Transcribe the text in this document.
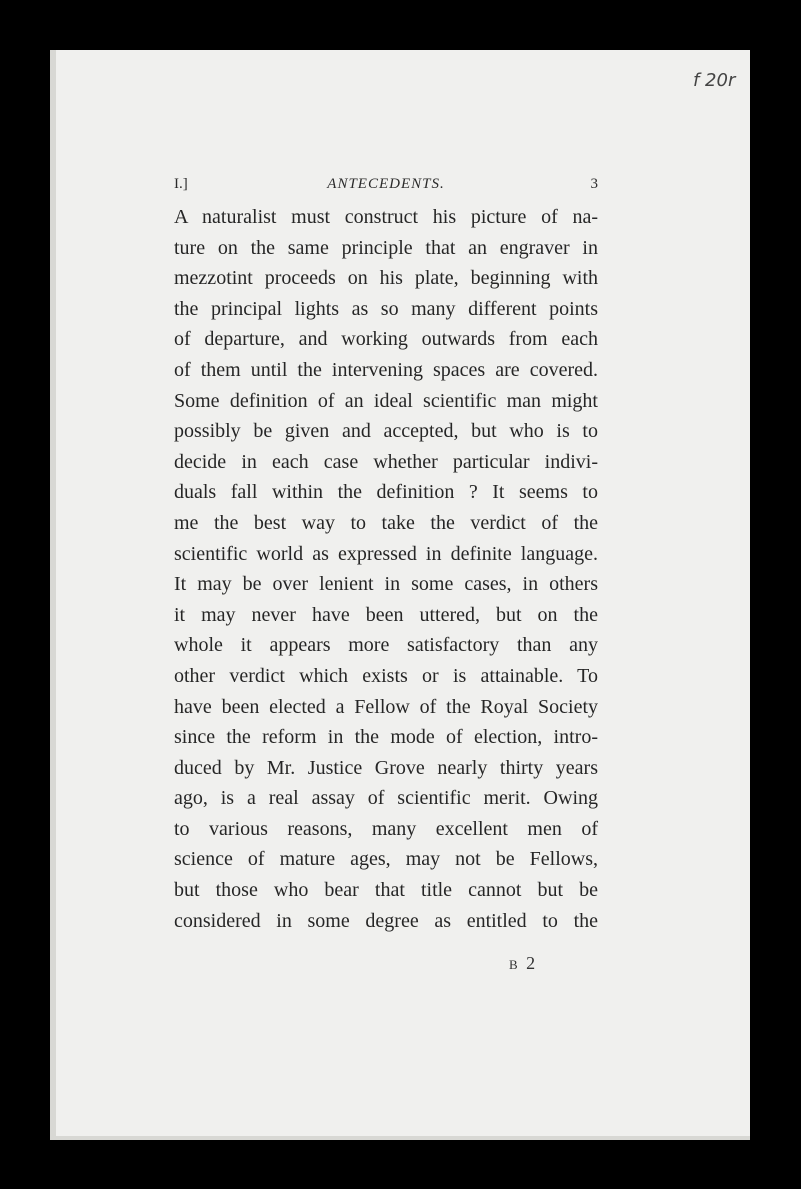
f 20r
I.]	ANTECEDENTS.	3
A naturalist must construct his picture of na-
ture on the same principle that an engraver in
mezzotint proceeds on his plate, beginning with
the principal lights as so many different points
of departure, and working outwards from each
of them until the intervening spaces are covered.
Some definition of an ideal scientific man might
possibly be given and accepted, but who is to
decide in each case whether particular indivi-
duals fall within the definition ? It seems to
me the best way to take the verdict of the
scientific world as expressed in definite language.
It may be over lenient in some cases, in others
it may never have been uttered, but on the
whole it appears more satisfactory than any
other verdict which exists or is attainable. To
have been elected a Fellow of the Royal Society
since the reform in the mode of election, intro-
duced by Mr. Justice Grove nearly thirty years
ago, is a real assay of scientific merit. Owing
to various reasons, many excellent men of
science of mature ages, may not be Fellows,
but those who bear that title cannot but be
considered in some degree as entitled to the
B 2
